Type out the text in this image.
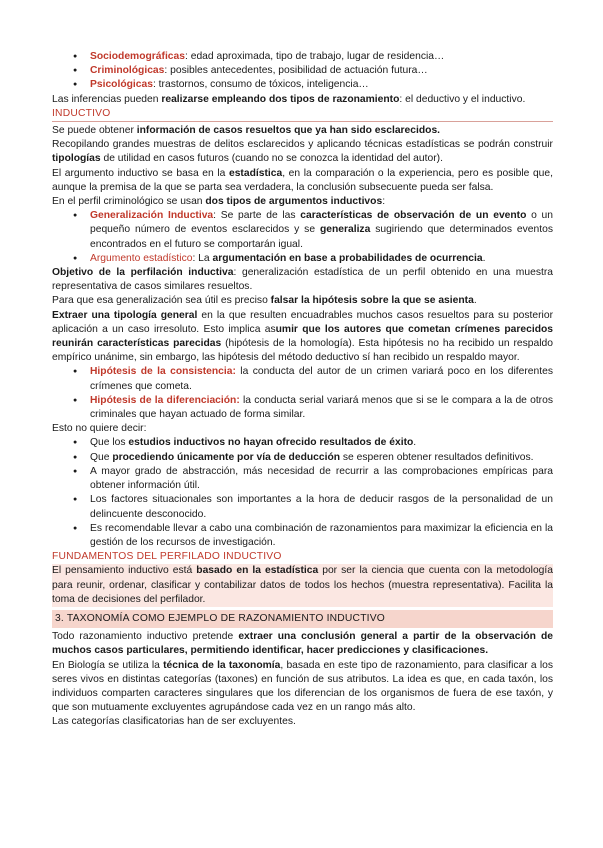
● Sociodemográficas: edad aproximada, tipo de trabajo, lugar de residencia…
● Criminológicas: posibles antecedentes, posibilidad de actuación futura…
● Psicológicas: trastornos, consumo de tóxicos, inteligencia…

Las inferencias pueden realizarse empleando dos tipos de razonamiento: el deductivo y el inductivo.

INDUCTIVO

Se puede obtener información de casos resueltos que ya han sido esclarecidos.

Recopilando grandes muestras de delitos esclarecidos y aplicando técnicas estadísticas se podrán construir tipologías de utilidad en casos futuros (cuando no se conozca la identidad del autor).

El argumento inductivo se basa en la estadística, en la comparación o la experiencia, pero es posible que, aunque la premisa de la que se parta sea verdadera, la conclusión subsecuente pueda ser falsa.

En el perfil criminológico se usan dos tipos de argumentos inductivos:

● Generalización Inductiva: Se parte de las características de observación de un evento o un pequeño número de eventos esclarecidos y se generaliza sugiriendo que determinados eventos encontrados en el futuro se comportarán igual.
● Argumento estadístico: La argumentación en base a probabilidades de ocurrencia.

Objetivo de la perfilación inductiva: generalización estadística de un perfil obtenido en una muestra representativa de casos similares resueltos.

Para que esa generalización sea útil es preciso falsar la hipótesis sobre la que se asienta.

Extraer una tipología general en la que resulten encuadrables muchos casos resueltos para su posterior aplicación a un caso irresoluto. Esto implica asumir que los autores que cometan crímenes parecidos reunirán características parecidas (hipótesis de la homología). Esta hipótesis no ha recibido un respaldo empírico unánime, sin embargo, las hipótesis del método deductivo sí han recibido un respaldo mayor.

● Hipótesis de la consistencia: la conducta del autor de un crimen variará poco en los diferentes crímenes que cometa.
● Hipótesis de la diferenciación: la conducta serial variará menos que si se le compara a la de otros criminales que hayan actuado de forma similar.

Esto no quiere decir:

● Que los estudios inductivos no hayan ofrecido resultados de éxito.
● Que procediendo únicamente por vía de deducción se esperen obtener resultados definitivos.
● A mayor grado de abstracción, más necesidad de recurrir a las comprobaciones empíricas para obtener información útil.
● Los factores situacionales son importantes a la hora de deducir rasgos de la personalidad de un delincuente desconocido.
● Es recomendable llevar a cabo una combinación de razonamientos para maximizar la eficiencia en la gestión de los recursos de investigación.
FUNDAMENTOS DEL PERFILADO INDUCTIVO

El pensamiento inductivo está basado en la estadística por ser la ciencia que cuenta con la metodología para reunir, ordenar, clasificar y contabilizar datos de todos los hechos (muestra representativa). Facilita la toma de decisiones del perfilador.

3. TAXONOMÍA COMO EJEMPLO DE RAZONAMIENTO INDUCTIVO

Todo razonamiento inductivo pretende extraer una conclusión general a partir de la observación de muchos casos particulares, permitiendo identificar, hacer predicciones y clasificaciones.

En Biología se utiliza la técnica de la taxonomía, basada en este tipo de razonamiento, para clasificar a los seres vivos en distintas categorías (taxones) en función de sus atributos. La idea es que, en cada taxón, los individuos comparten caracteres singulares que los diferencian de los organismos de fuera de ese taxón, y que son mutuamente excluyentes agrupándose cada vez en un rango más alto.

Las categorías clasificatorias han de ser excluyentes.
